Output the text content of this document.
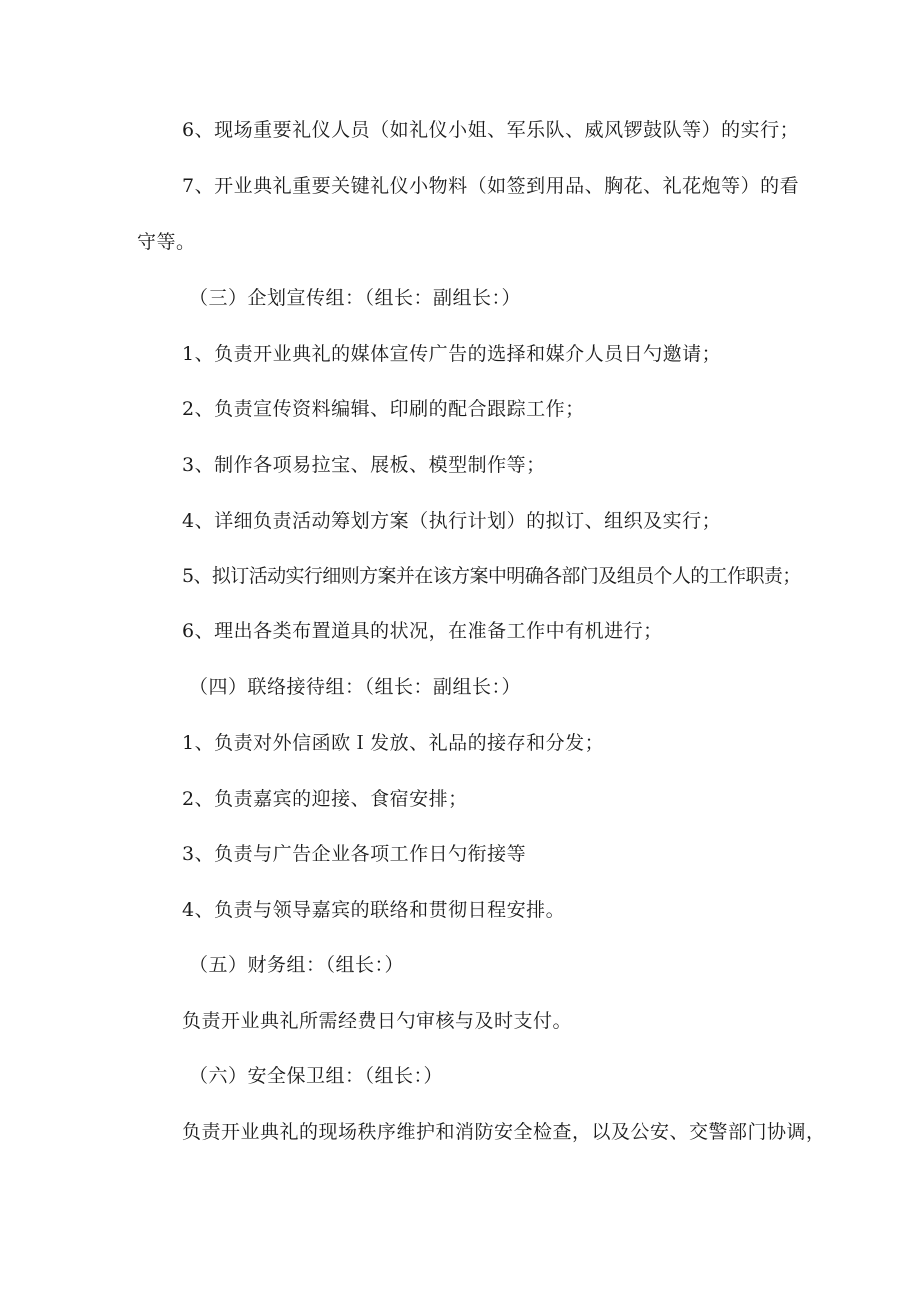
6、现场重要礼仪人员（如礼仪小姐、军乐队、威风锣鼓队等）的实行；
7、开业典礼重要关键礼仪小物料（如签到用品、胸花、礼花炮等）的看
守等。
（三）企划宣传组：（组长：副组长：）
1、负责开业典礼的媒体宣传广告的选择和媒介人员日勺邀请；
2、负责宣传资料编辑、印刷的配合跟踪工作；
3、制作各项易拉宝、展板、模型制作等；
4、详细负责活动筹划方案（执行计划）的拟订、组织及实行；
5、拟订活动实行细则方案并在该方案中明确各部门及组员个人的工作职责；
6、理出各类布置道具的状况，在准备工作中有机进行；
（四）联络接待组：（组长：副组长：）
1、负责对外信函欧Ｉ发放、礼品的接存和分发；
2、负责嘉宾的迎接、食宿安排；
3、负责与广告企业各项工作日勺衔接等
4、负责与领导嘉宾的联络和贯彻日程安排。
（五）财务组：（组长：）
负责开业典礼所需经费日勺审核与及时支付。
（六）安全保卫组：（组长：）
负责开业典礼的现场秩序维护和消防安全检查，以及公安、交警部门协调，
